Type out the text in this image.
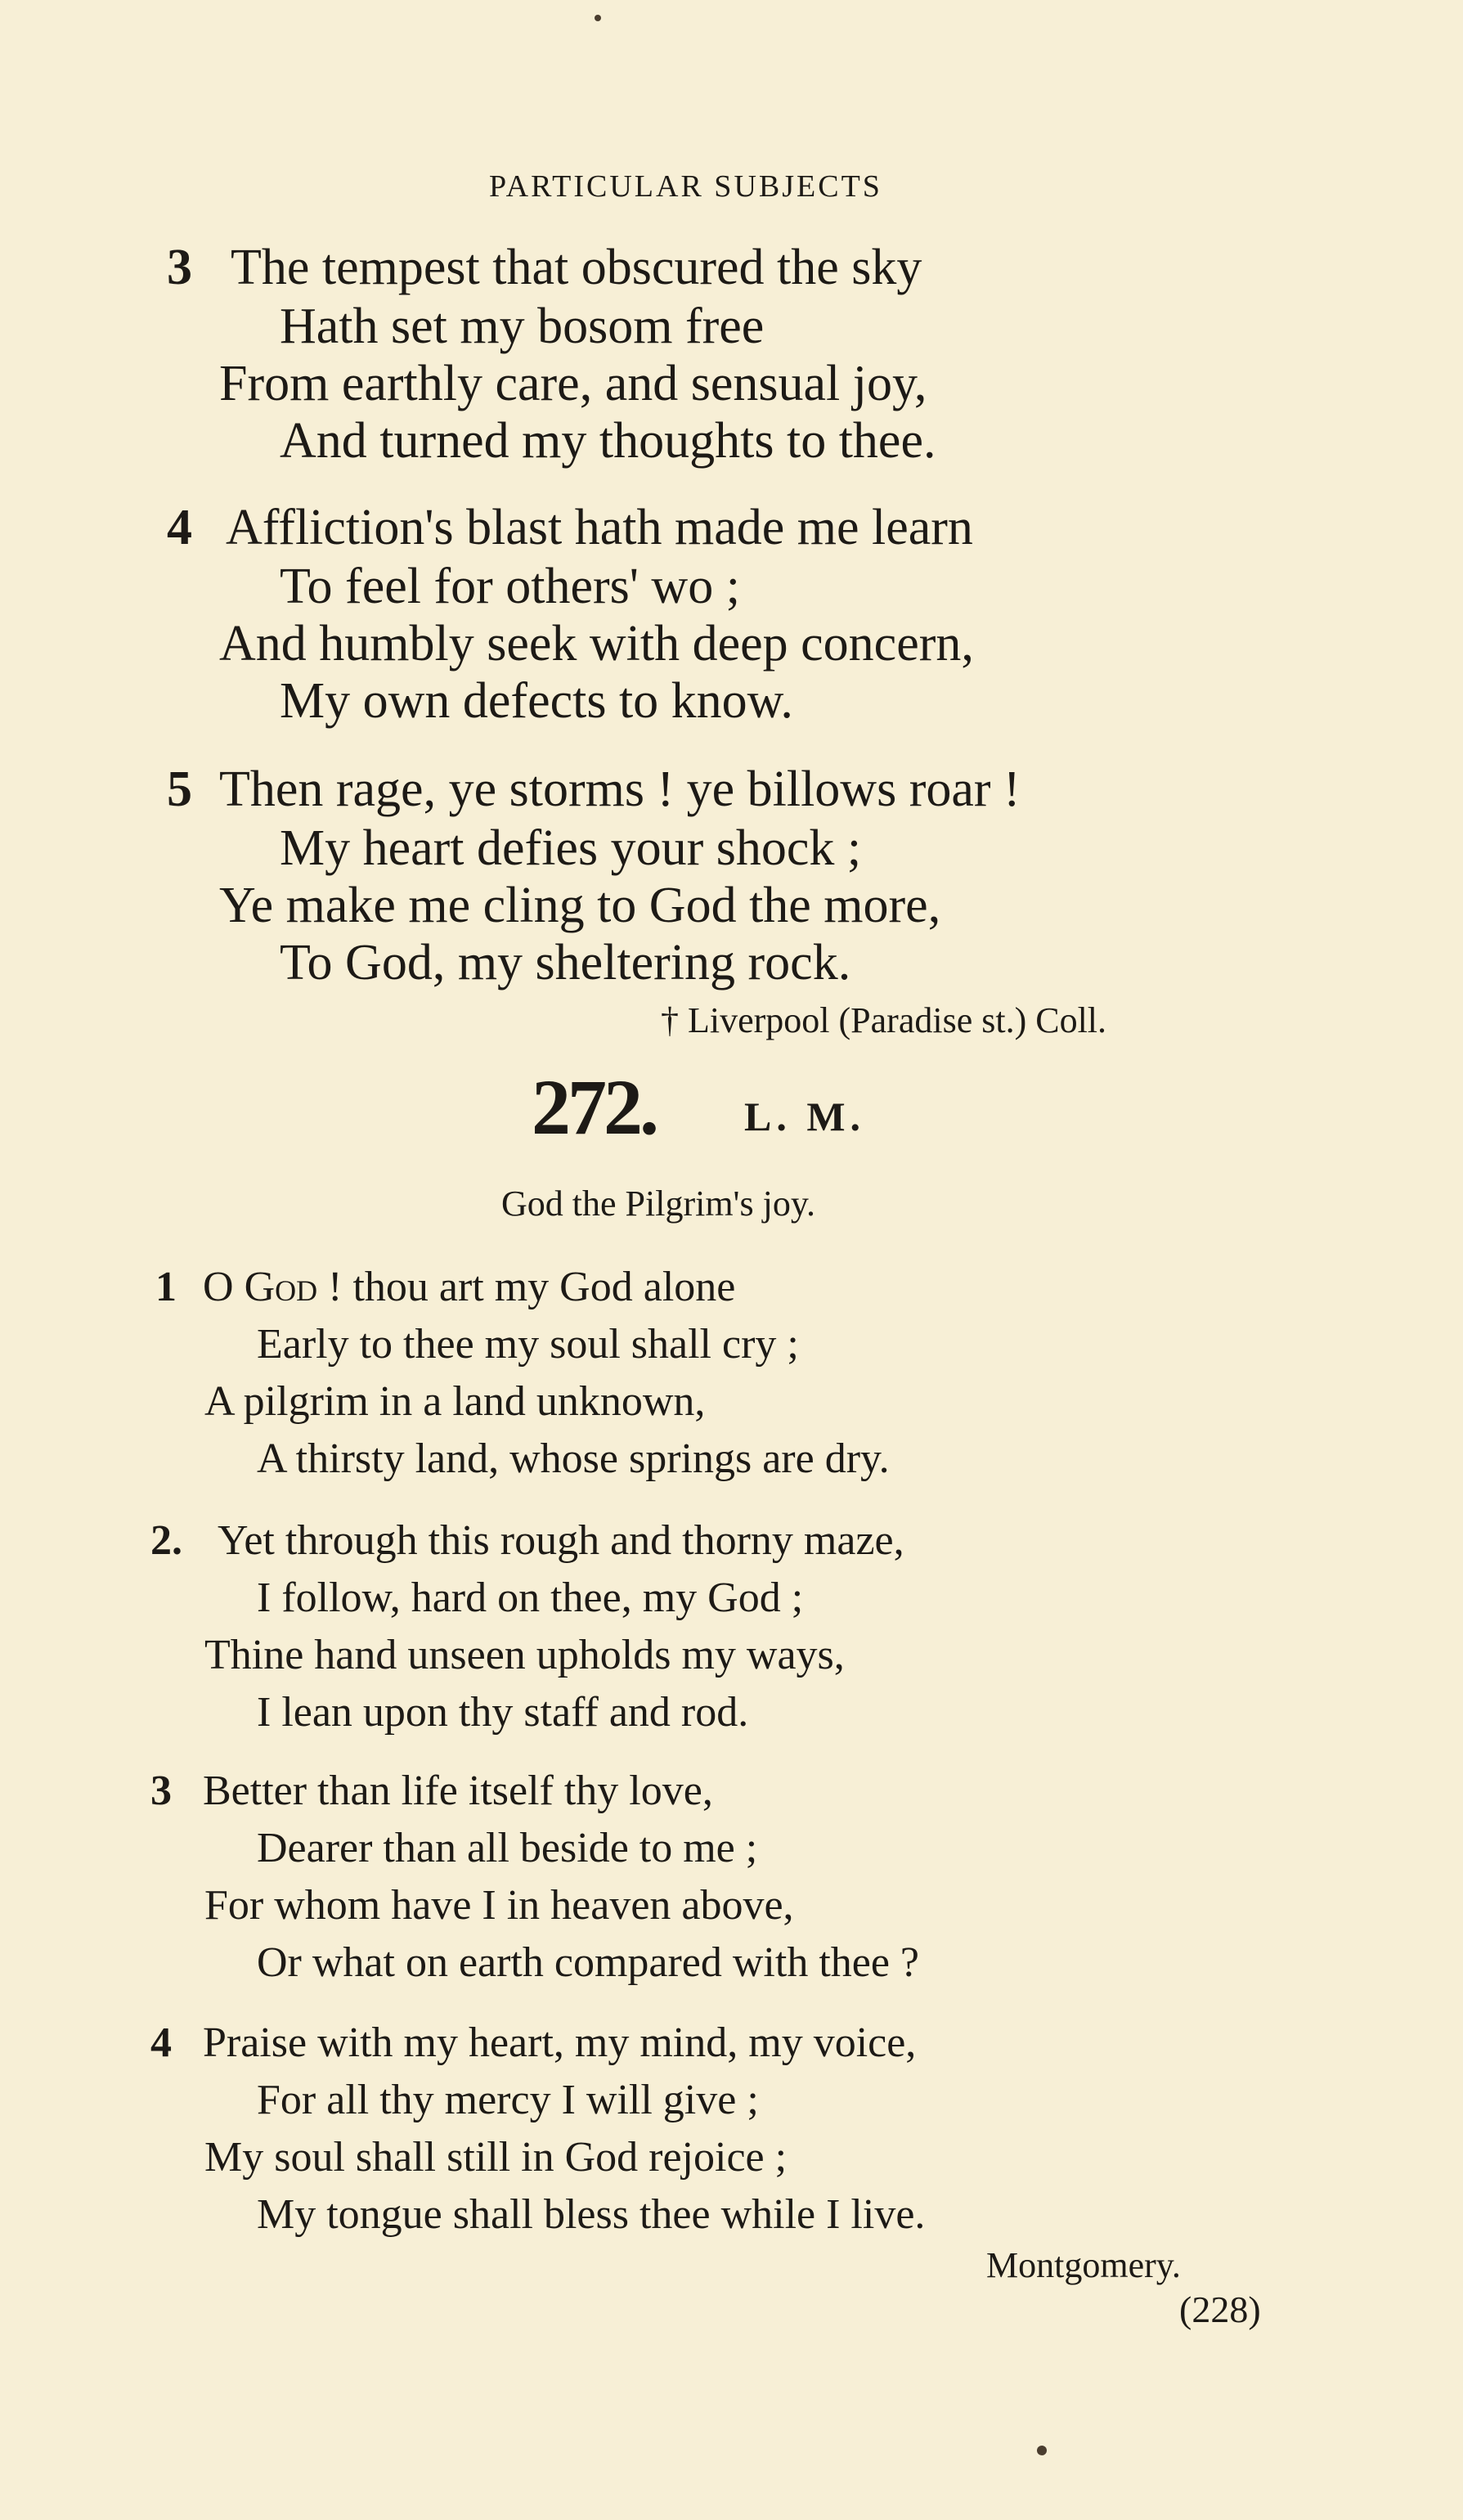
PARTICULAR SUBJECTS
3 The tempest that obscured the sky
Hath set my bosom free
From earthly care, and sensual joy,
And turned my thoughts to thee.
4 Affliction's blast hath made me learn
To feel for others' wo ;
And humbly seek with deep concern,
My own defects to know.
5 Then rage, ye storms ! ye billows roar !
My heart defies your shock ;
Ye make me cling to God the more,
To God, my sheltering rock.
† Liverpool (Paradise st.) Coll.
272. L. M.
God the Pilgrim's joy.
1 O God ! thou art my God alone
Early to thee my soul shall cry ;
A pilgrim in a land unknown,
A thirsty land, whose springs are dry.
2. Yet through this rough and thorny maze,
I follow, hard on thee, my God ;
Thine hand unseen upholds my ways,
I lean upon thy staff and rod.
3 Better than life itself thy love,
Dearer than all beside to me ;
For whom have I in heaven above,
Or what on earth compared with thee ?
4 Praise with my heart, my mind, my voice,
For all thy mercy I will give ;
My soul shall still in God rejoice ;
My tongue shall bless thee while I live.
Montgomery.
(228)
